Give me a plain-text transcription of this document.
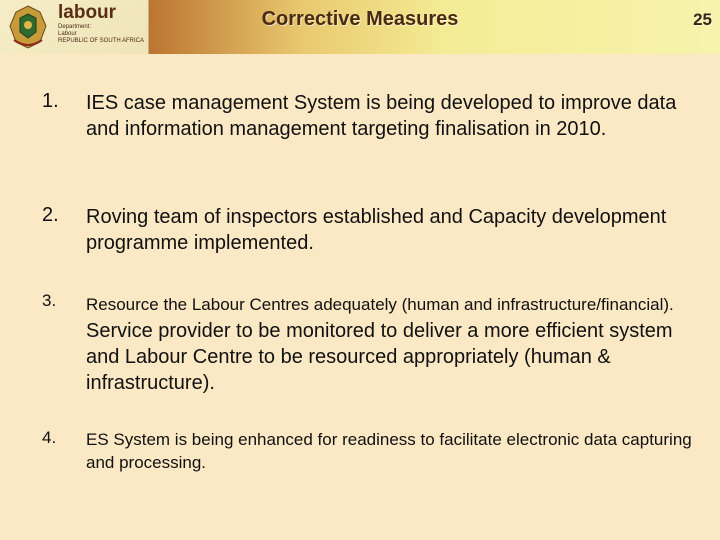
labour
Department:
Labour
REPUBLIC OF SOUTH AFRICA
Corrective Measures	25
1. IES case management System is being developed to improve data and information management targeting finalisation in 2010.
2. Roving team of inspectors established and Capacity development programme implemented.
3. Resource the Labour Centres adequately (human and infrastructure/financial). Service provider to be monitored to deliver a more efficient system and Labour Centre to be resourced appropriately (human & infrastructure).
4. ES System is being enhanced for readiness to facilitate electronic data capturing and processing.
